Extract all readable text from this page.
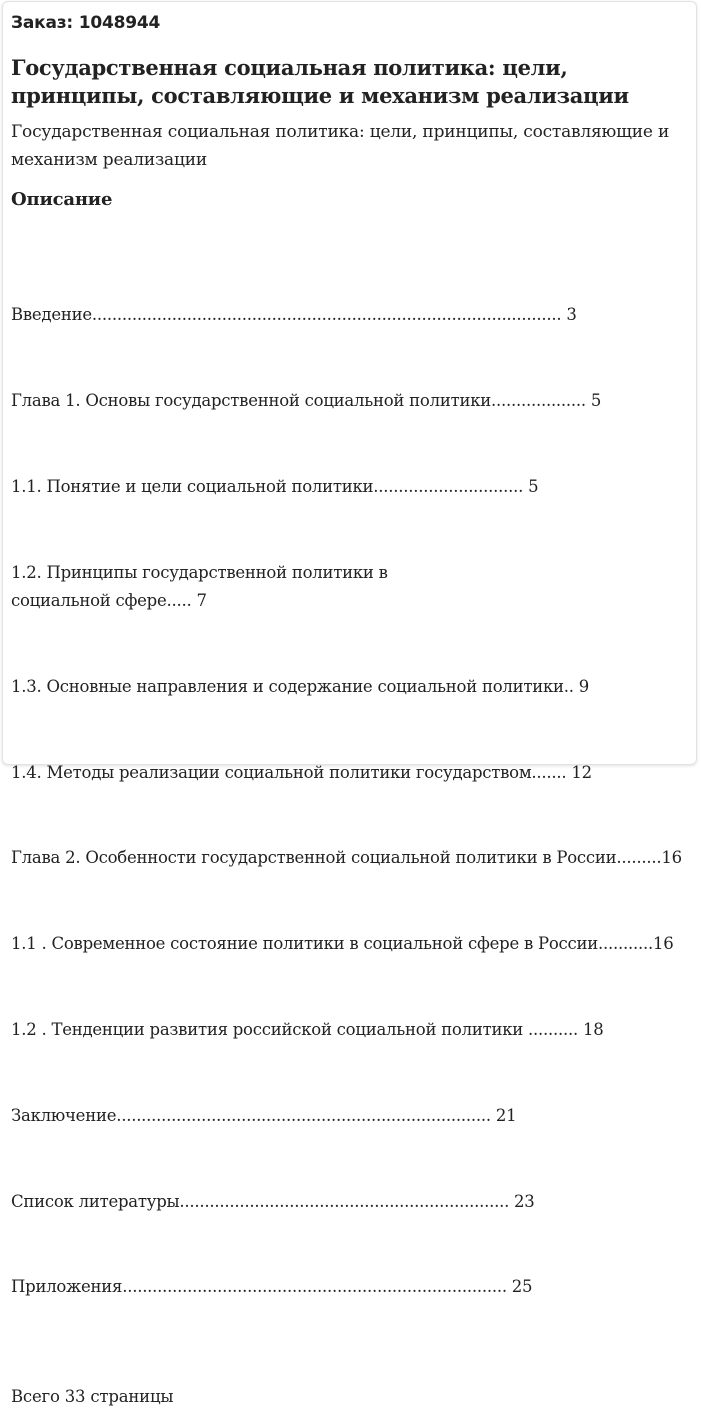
Заказ: 1048944
Государственная социальная политика: цели, принципы, составляющие и механизм реализации
Государственная социальная политика: цели, принципы, составляющие и механизм реализации
Описание

Введение.............................................................................................. 3

Глава 1. Основы государственной социальной политики................... 5

1.1. Понятие и цели социальной политики.............................. 5

1.2. Принципы государственной политики в
социальной сфере..... 7

1.3. Основные направления и содержание социальной политики.. 9

1.4. Методы реализации социальной политики государством....... 12

Глава 2. Особенности государственной социальной политики в России.........16

1.1 . Современное состояние политики в социальной сфере в России...........16

1.2 . Тенденции развития российской социальной политики .......... 18

Заключение........................................................................... 21

Список литературы.................................................................. 23

Приложения............................................................................. 25

Всего 33 страницы
